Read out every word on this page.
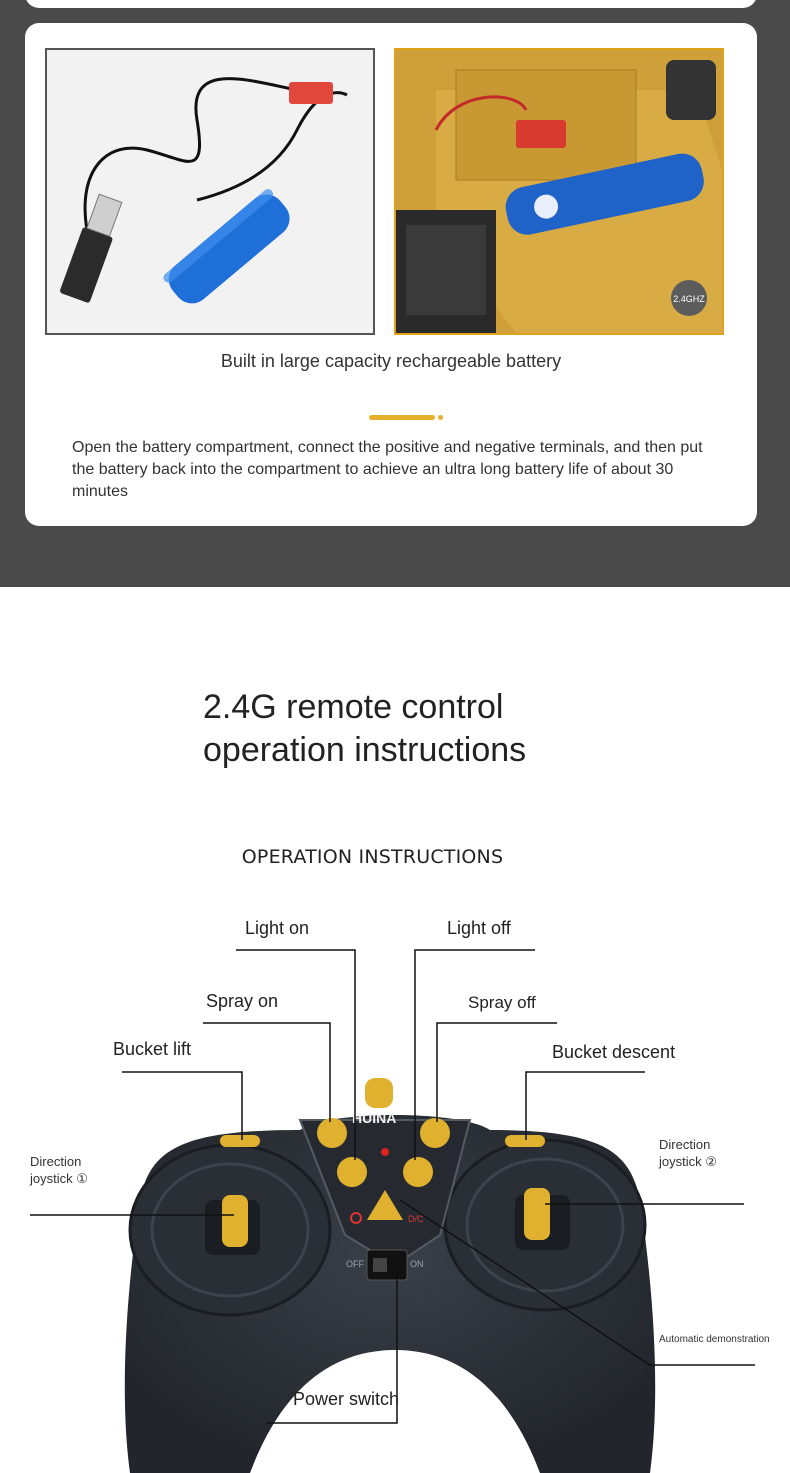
2.4GHZ
Built in large capacity rechargeable battery
Open the battery compartment, connect the positive and negative terminals, and then put the battery back into the compartment to achieve an ultra long battery life of about 30 minutes
2.4G remote control operation instructions
OPERATION INSTRUCTIONS
OFF	ON
D/C
HUINA
Light on	Light off
Spray on	Spray off
Bucket lift	Bucket descent
Direction joystick ①
Direction joystick ②
Automatic demonstration
Power switch
